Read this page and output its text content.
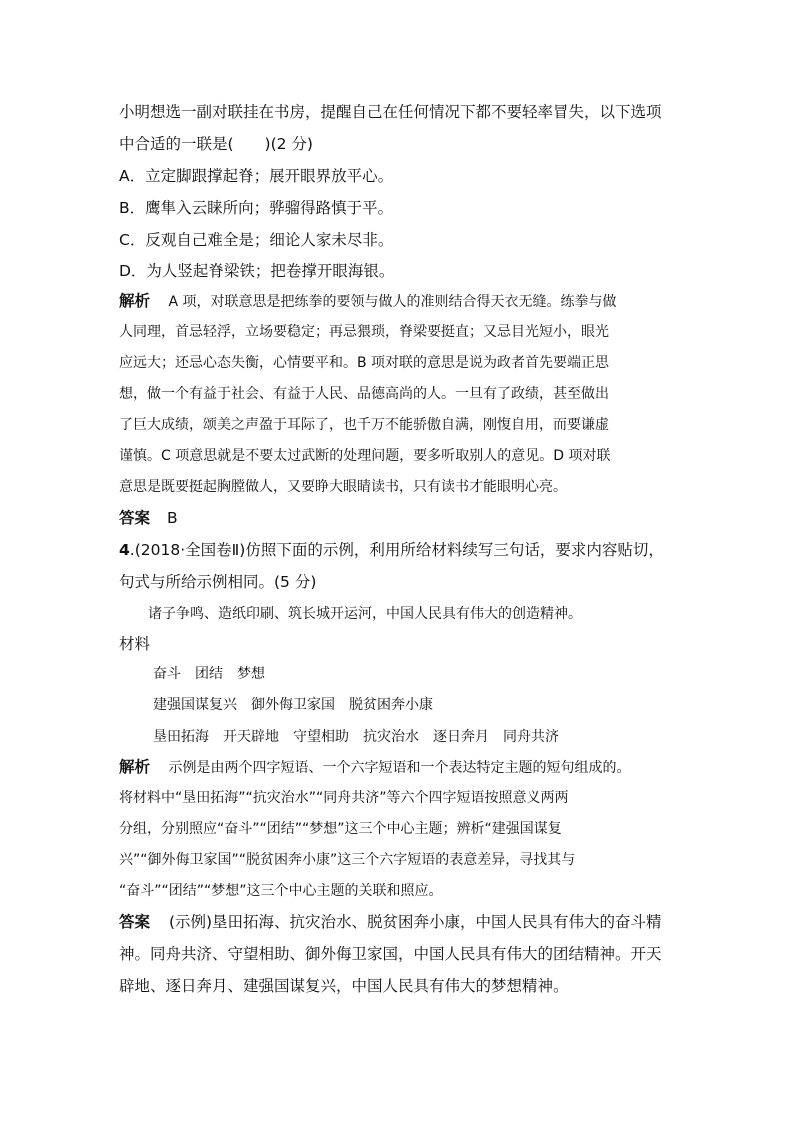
小明想选一副对联挂在书房，提醒自己在任何情况下都不要轻率冒失，以下选项
中合适的一联是(　　)(2 分)
A．立定脚跟撑起脊；展开眼界放平心。
B．鹰隼入云睐所向；骅骝得路慎于平。
C．反观自己难全是；细论人家未尽非。
D．为人竖起脊梁铁；把卷撑开眼海银。
解析 A 项，对联意思是把练拳的要领与做人的准则结合得天衣无缝。练拳与做
人同理，首忌轻浮，立场要稳定；再忌猥琐，脊梁要挺直；又忌目光短小，眼光
应远大；还忌心态失衡，心情要平和。B 项对联的意思是说为政者首先要端正思
想，做一个有益于社会、有益于人民、品德高尚的人。一旦有了政绩，甚至做出
了巨大成绩，颂美之声盈于耳际了，也千万不能骄傲自满，刚愎自用，而要谦虚
谨慎。C 项意思就是不要太过武断的处理问题，要多听取别人的意见。D 项对联
意思是既要挺起胸膛做人，又要睁大眼睛读书，只有读书才能眼明心亮。
答案 B
4.(2018·全国卷Ⅱ)仿照下面的示例，利用所给材料续写三句话，要求内容贴切，
句式与所给示例相同。(5 分)
诸子争鸣、造纸印刷、筑长城开运河，中国人民具有伟大的创造精神。
材料
奋斗　团结　梦想
建强国谋复兴　御外侮卫家国　脱贫困奔小康
垦田拓海　开天辟地　守望相助　抗灾治水　逐日奔月　同舟共济
解析 示例是由两个四字短语、一个六字短语和一个表达特定主题的短句组成的。
将材料中“垦田拓海”“抗灾治水”“同舟共济”等六个四字短语按照意义两两
分组，分别照应“奋斗”“团结”“梦想”这三个中心主题；辨析“建强国谋复
兴”“御外侮卫家国”“脱贫困奔小康”这三个六字短语的表意差异，寻找其与
“奋斗”“团结”“梦想”这三个中心主题的关联和照应。
答案 (示例)垦田拓海、抗灾治水、脱贫困奔小康，中国人民具有伟大的奋斗精
神。同舟共济、守望相助、御外侮卫家国，中国人民具有伟大的团结精神。开天
辟地、逐日奔月、建强国谋复兴，中国人民具有伟大的梦想精神。
